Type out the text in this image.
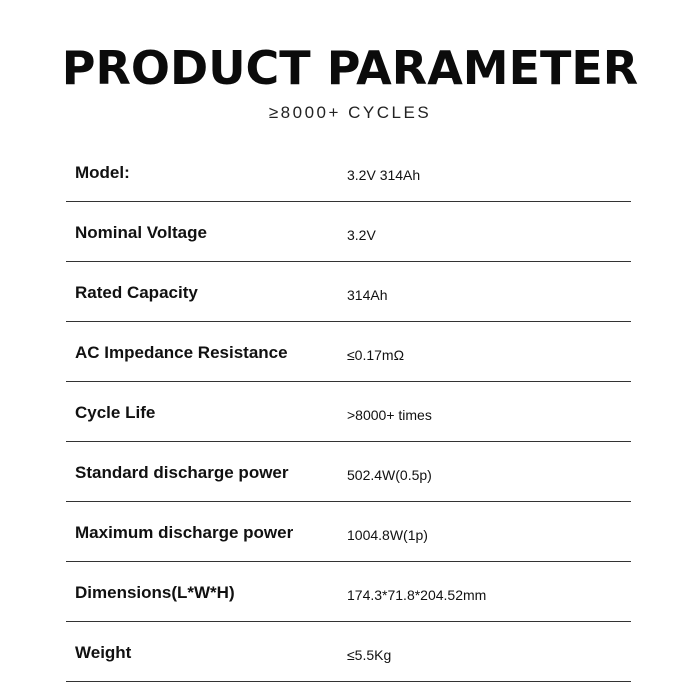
PRODUCT PARAMETER
≥8000+ CYCLES
Model:	3.2V 314Ah
Nominal Voltage	3.2V
Rated Capacity	314Ah
AC Impedance Resistance	≤0.17mΩ
Cycle Life	>8000+ times
Standard discharge power	502.4W(0.5p)
Maximum discharge power	1004.8W(1p)
Dimensions(L*W*H)	174.3*71.8*204.52mm
Weight	≤5.5Kg
